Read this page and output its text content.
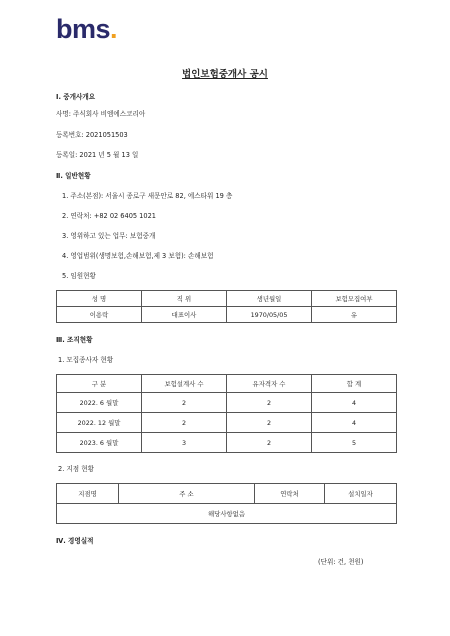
bms.
법인보험중개사 공시
Ⅰ. 중개사개요
사명: 주식회사 비엠에스코리아
등록번호: 2021051503
등록일: 2021 년 5 월 13 일
Ⅱ. 일반현황
1. 주소(본점): 서울시 종로구 새문안로 82, 에스타워 19 층
2. 연락처: +82 02 6405 1021
3. 영위하고 있는 업무: 보험중개
4. 영업범위(생명보험,손해보험,제 3 보험): 손해보험
5. 임원현황
성 명	직 위	생년월일	보험모집여부
이용락	대표이사	1970/05/05	유
Ⅲ. 조직현황
1. 모집종사자 현황
구 분	보험설계사 수	유자격자 수	합 계
2022. 6 월말	2	2	4
2022. 12 월말	2	2	4
2023. 6 월말	3	2	5
2. 지점 현황
지점명	주 소	연락처	설치일자
해당사항없음
Ⅳ. 경영실적
(단위: 건, 천원)
